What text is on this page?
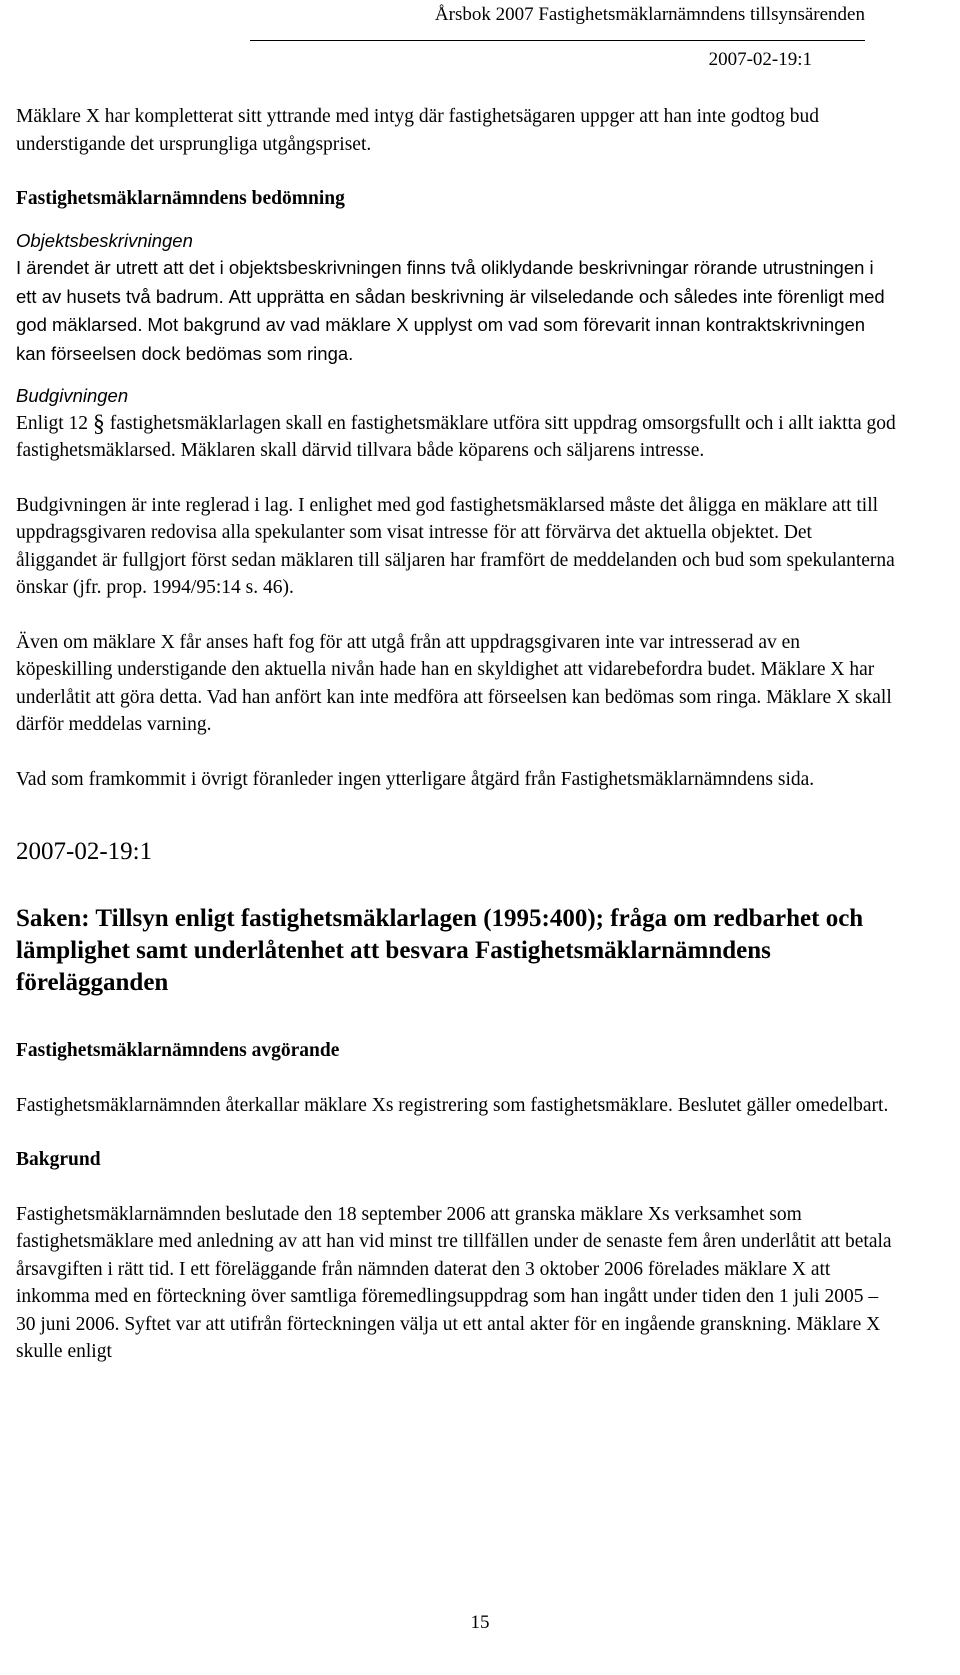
Årsbok 2007 Fastighetsmäklarnämndens tillsynsärenden
2007-02-19:1

Mäklare X har kompletterat sitt yttrande med intyg där fastighetsägaren uppger att han inte godtog bud understigande det ursprungliga utgångspriset.

Fastighetsmäklarnämndens bedömning

Objektsbeskrivningen

I ärendet är utrett att det i objektsbeskrivningen finns två oliklydande beskrivningar rörande utrustningen i ett av husets två badrum. Att upprätta en sådan beskrivning är vilseledande och således inte förenligt med god mäklarsed. Mot bakgrund av vad mäklare X upplyst om vad som förevarit innan kontraktskrivningen kan förseelsen dock bedömas som ringa.

Budgivningen

Enligt 12 § fastighetsmäklarlagen skall en fastighetsmäklare utföra sitt uppdrag omsorgsfullt och i allt iaktta god fastighetsmäklarsed. Mäklaren skall därvid tillvara både köparens och säljarens intresse.

Budgivningen är inte reglerad i lag. I enlighet med god fastighetsmäklarsed måste det åligga en mäklare att till uppdragsgivaren redovisa alla spekulanter som visat intresse för att förvärva det aktuella objektet. Det åliggandet är fullgjort först sedan mäklaren till säljaren har framfört de meddelanden och bud som spekulanterna önskar (jfr. prop. 1994/95:14 s. 46).

Även om mäklare X får anses haft fog för att utgå från att uppdragsgivaren inte var intresserad av en köpeskilling understigande den aktuella nivån hade han en skyldighet att vidarebefordra budet. Mäklare X har underlåtit att göra detta. Vad han anfört kan inte medföra att förseelsen kan bedömas som ringa. Mäklare X skall därför meddelas varning.

Vad som framkommit i övrigt föranleder ingen ytterligare åtgärd från Fastighetsmäklarnämndens sida.

2007-02-19:1

Saken: Tillsyn enligt fastighetsmäklarlagen (1995:400); fråga om redbarhet och lämplighet samt underlåtenhet att besvara Fastighetsmäklarnämndens förelägganden

Fastighetsmäklarnämndens avgörande

Fastighetsmäklarnämnden återkallar mäklare Xs registrering som fastighetsmäklare. Beslutet gäller omedelbart.

Bakgrund

Fastighetsmäklarnämnden beslutade den 18 september 2006 att granska mäklare Xs verksamhet som fastighetsmäklare med anledning av att han vid minst tre tillfällen under de senaste fem åren underlåtit att betala årsavgiften i rätt tid. I ett föreläggande från nämnden daterat den 3 oktober 2006 förelades mäklare X att inkomma med en förteckning över samtliga föremedlingsuppdrag som han ingått under tiden den 1 juli 2005 – 30 juni 2006. Syftet var att utifrån förteckningen välja ut ett antal akter för en ingående granskning. Mäklare X skulle enligt

15
